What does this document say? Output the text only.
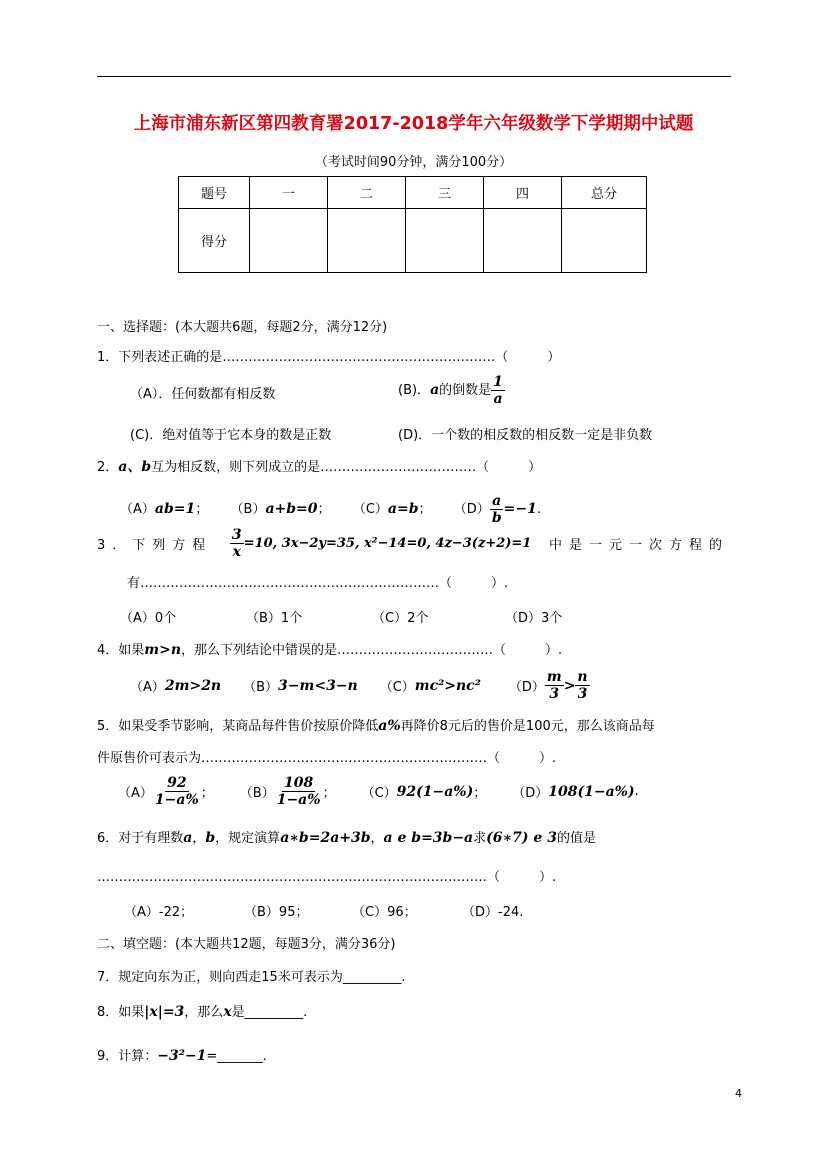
上海市浦东新区第四教育署2017-2018学年六年级数学下学期期中试题
（考试时间90分钟，满分100分）
题号	一	二	三	四	总分
得分					
一、选择题：(本大题共6题，每题2分，满分12分)
1．下列表述正确的是………………………………………………………（　　　）
（A）．任何数都有相反数	(B)．a的倒数是 $\frac{1}{a}$
(C)．绝对值等于它本身的数是正数	(D)．一个数的相反数的相反数一定是非负数
2．a、b互为相反数，则下列成立的是………………………………（　　　）
（A）ab=1； （B）a+b=0； （C）a=b； $(D) \frac{a}{b} =-1$.
3．下列方程 $\frac{3}{x} =10$, 3x−2y=35, x²−14=0, 4z−3(z+2)=1 中是一元一次方程的
有……………………………………………………………（　　　）.
（A）0个	（B）1个	（C）2个	（D）3个
4．如果m>n，那么下列结论中错误的是………………………………（　　　）.
（A） 2m>2n （B） 3−m<3−n （C） mc²>nc² $(D) \frac{m}{3} > \frac{n}{3}$
5．如果受季节影响，某商品每件售价按原价降低a%再降价8元后的售价是100元，那么该商品每
件原售价可表示为…………………………………………………………（　　　）.
$(A) \frac{92}{1-a\%}$ ； $(B) \frac{108}{1-a\%}$ ； （C） 92(1−a%) ； （D） 108(1−a%) .
6．对于有理数a，b，规定演算a∗b=2a+3b，a e b=3b−a求(6∗7) e 3的值是
………………………………………………………………………………（　　　）.
（A）-22；	（B）95；	（C）96；	（D）-24.
二、填空题：(本大题共12题，每题3分，满分36分)
7．规定向东为正，则向西走15米可表示为_________.
8．如果|x|=3，那么x是_________.
9．计算：−3²−1=_______.
4
